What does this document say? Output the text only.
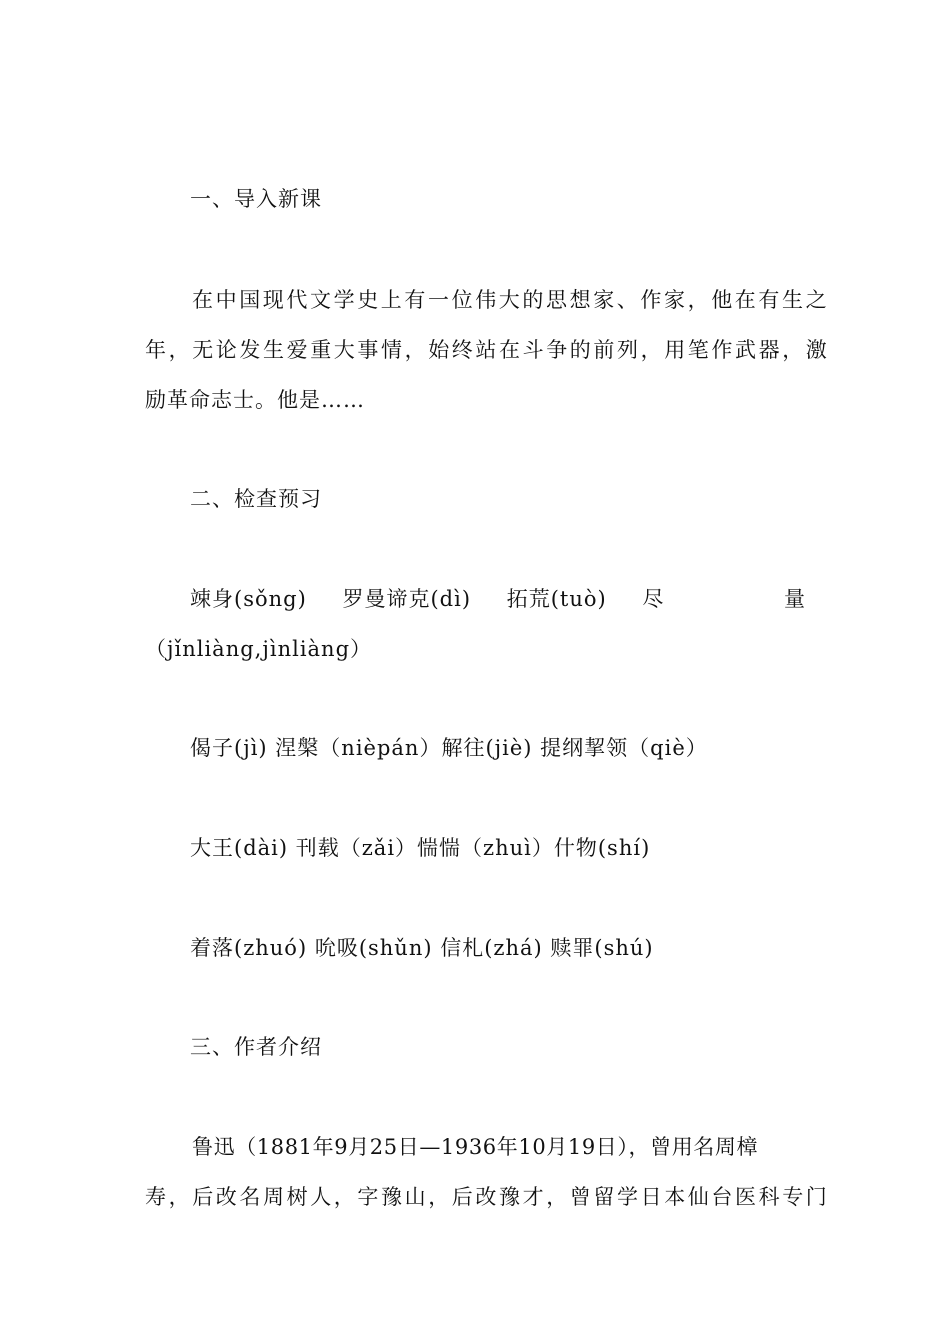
一、导入新课
在中国现代文学史上有一位伟大的思想家、作家，他在有生之
年，无论发生爱重大事情，始终站在斗争的前列，用笔作武器，激
励革命志士。他是……
二、检查预习
竦身(sǒng) 罗曼谛克(dì) 拓荒(tuò) 尽	量
（jǐnliàng,jìnliàng）
偈子(jì) 涅槃（nièpán）解往(jiè) 提纲挈领（qiè）
大王(dài) 刊载（zǎi）惴惴（zhuì）什物(shí)
着落(zhuó) 吮吸(shǔn) 信札(zhá) 赎罪(shú)
三、作者介绍
鲁迅（1881年9月25日—1936年10月19日），曾用名周樟
寿，后改名周树人，字豫山，后改豫才，曾留学日本仙台医科专门
